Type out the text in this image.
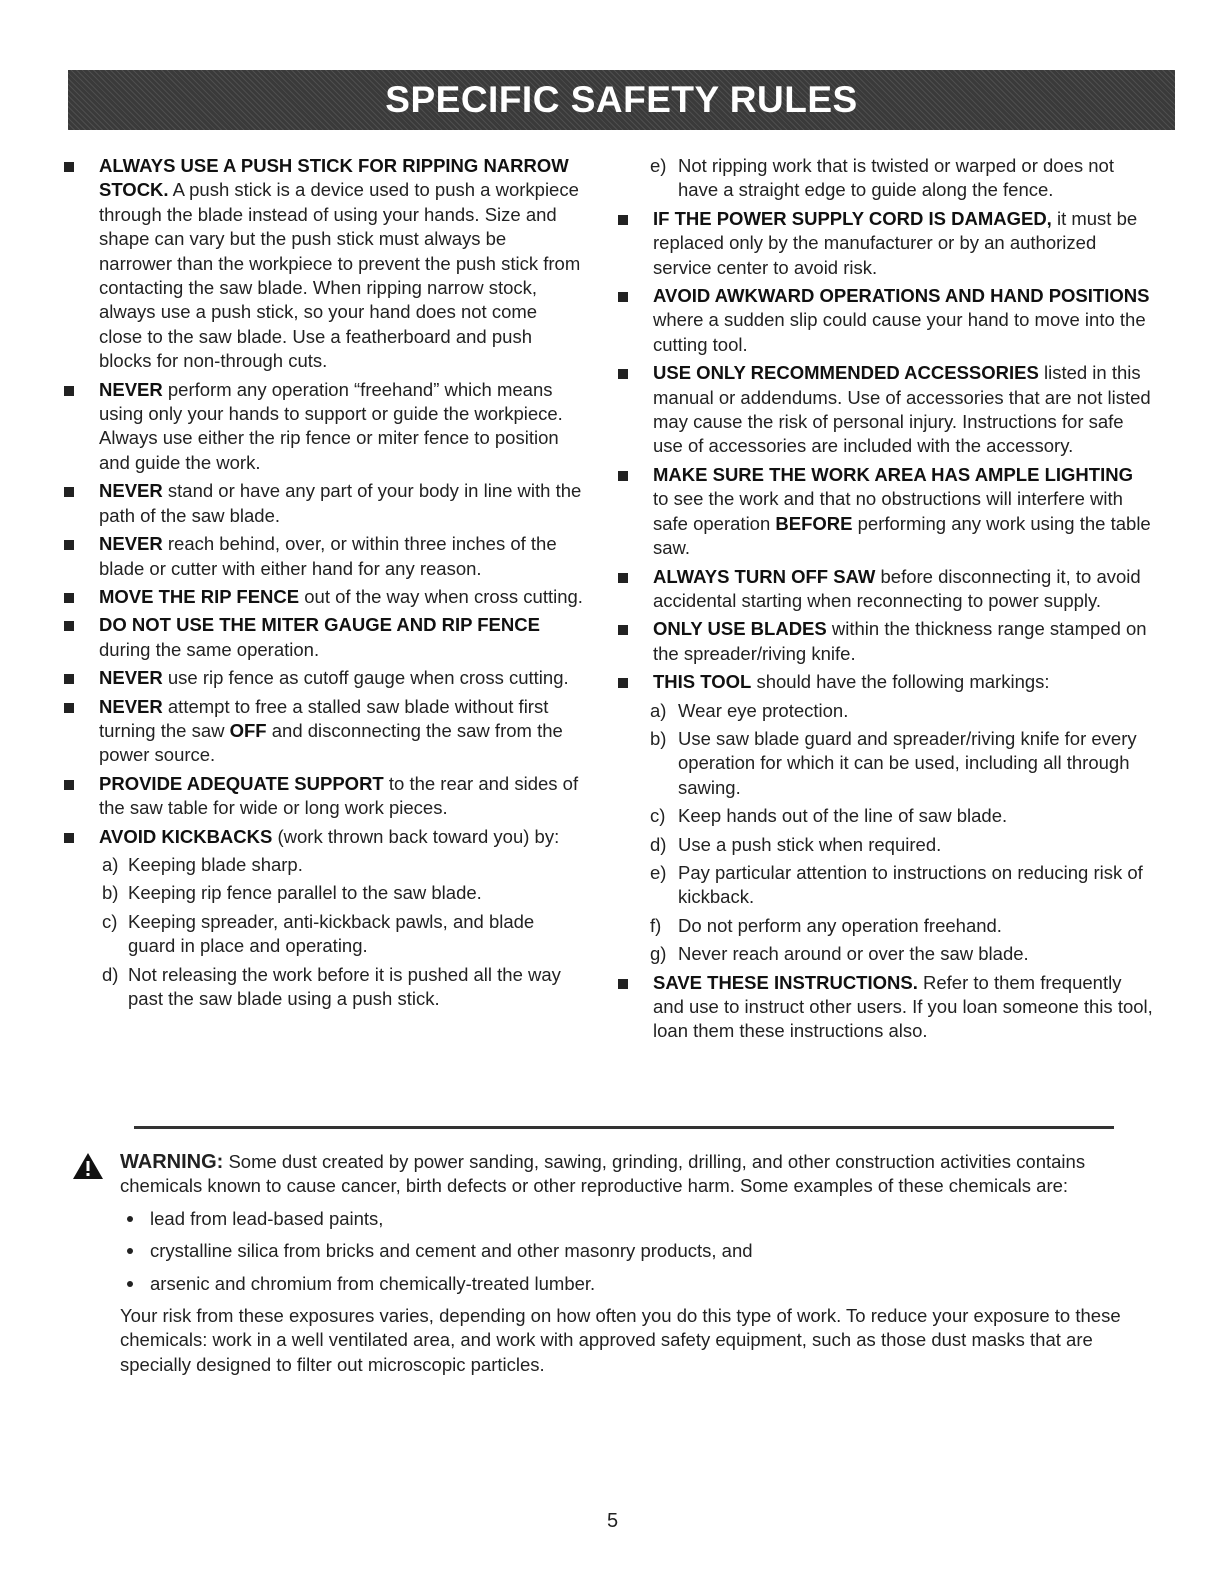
SPECIFIC SAFETY RULES
ALWAYS USE A PUSH STICK FOR RIPPING NARROW STOCK. A push stick is a device used to push a workpiece through the blade instead of using your hands. Size and shape can vary but the push stick must always be narrower than the workpiece to prevent the push stick from contacting the saw blade. When ripping narrow stock, always use a push stick, so your hand does not come close to the saw blade. Use a featherboard and push blocks for non-through cuts.
NEVER perform any operation “freehand” which means using only your hands to support or guide the workpiece. Always use either the rip fence or miter fence to position and guide the work.
NEVER stand or have any part of your body in line with the path of the saw blade.
NEVER reach behind, over, or within three inches of the blade or cutter with either hand for any reason.
MOVE THE RIP FENCE out of the way when cross cutting.
DO NOT USE THE MITER GAUGE AND RIP FENCE during the same operation.
NEVER use rip fence as cutoff gauge when cross cutting.
NEVER attempt to free a stalled saw blade without first turning the saw OFF and disconnecting the saw from the power source.
PROVIDE ADEQUATE SUPPORT to the rear and sides of the saw table for wide or long work pieces.
AVOID KICKBACKS (work thrown back toward you) by:
a) Keeping blade sharp.
b) Keeping rip fence parallel to the saw blade.
c) Keeping spreader, anti-kickback pawls, and blade guard in place and operating.
d) Not releasing the work before it is pushed all the way past the saw blade using a push stick.
e) Not ripping work that is twisted or warped or does not have a straight edge to guide along the fence.
IF THE POWER SUPPLY CORD IS DAMAGED, it must be replaced only by the manufacturer or by an authorized service center to avoid risk.
AVOID AWKWARD OPERATIONS AND HAND POSITIONS where a sudden slip could cause your hand to move into the cutting tool.
USE ONLY RECOMMENDED ACCESSORIES listed in this manual or addendums. Use of accessories that are not listed may cause the risk of personal injury. Instructions for safe use of accessories are included with the accessory.
MAKE SURE THE WORK AREA HAS AMPLE LIGHTING to see the work and that no obstructions will interfere with safe operation BEFORE performing any work using the table saw.
ALWAYS TURN OFF SAW before disconnecting it, to avoid accidental starting when reconnecting to power supply.
ONLY USE BLADES within the thickness range stamped on the spreader/riving knife.
THIS TOOL should have the following markings:
a) Wear eye protection.
b) Use saw blade guard and spreader/riving knife for every operation for which it can be used, including all through sawing.
c) Keep hands out of the line of saw blade.
d) Use a push stick when required.
e) Pay particular attention to instructions on reducing risk of kickback.
f) Do not perform any operation freehand.
g) Never reach around or over the saw blade.
SAVE THESE INSTRUCTIONS. Refer to them frequently and use to instruct other users. If you loan someone this tool, loan them these instructions also.
WARNING: Some dust created by power sanding, sawing, grinding, drilling, and other construction activities contains chemicals known to cause cancer, birth defects or other reproductive harm. Some examples of these chemicals are:
lead from lead-based paints,
crystalline silica from bricks and cement and other masonry products, and
arsenic and chromium from chemically-treated lumber.
Your risk from these exposures varies, depending on how often you do this type of work. To reduce your exposure to these chemicals: work in a well ventilated area, and work with approved safety equipment, such as those dust masks that are specially designed to filter out microscopic particles.
5
